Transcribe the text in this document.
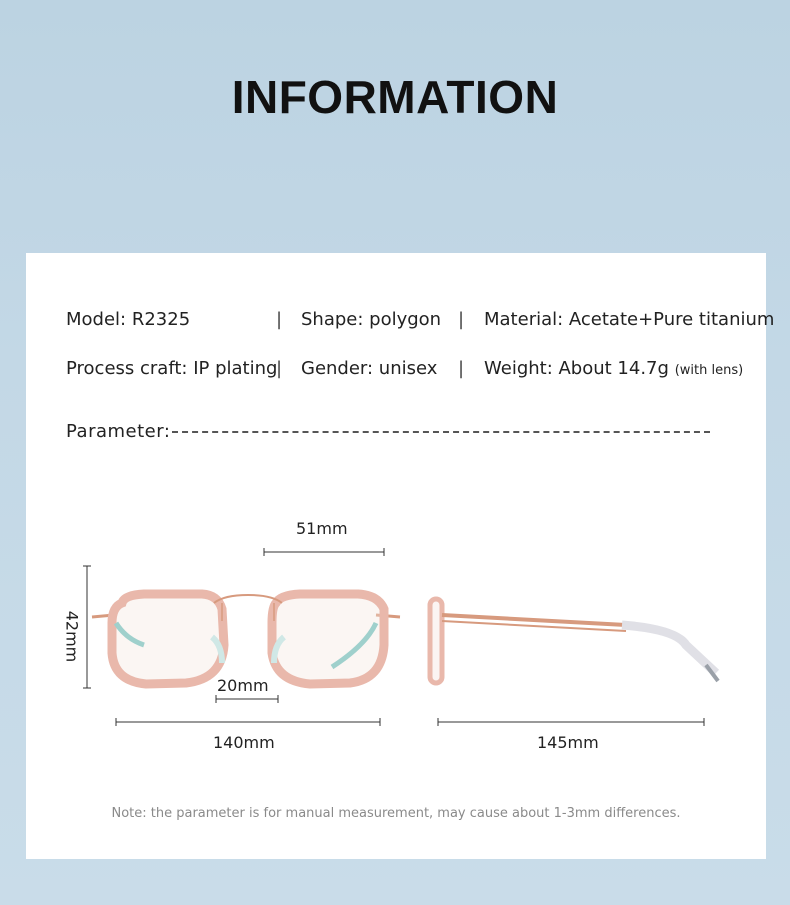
INFORMATION
Model: R2325	| Shape: polygon | Material: Acetate+Pure titanium
Process craft: IP plating
| Gender: unisex | Weight: About 14.7g (with lens)
Parameter:
51mm
42mm
20mm
140mm	145mm
Note: the parameter is for manual measurement, may cause about 1-3mm differences.
